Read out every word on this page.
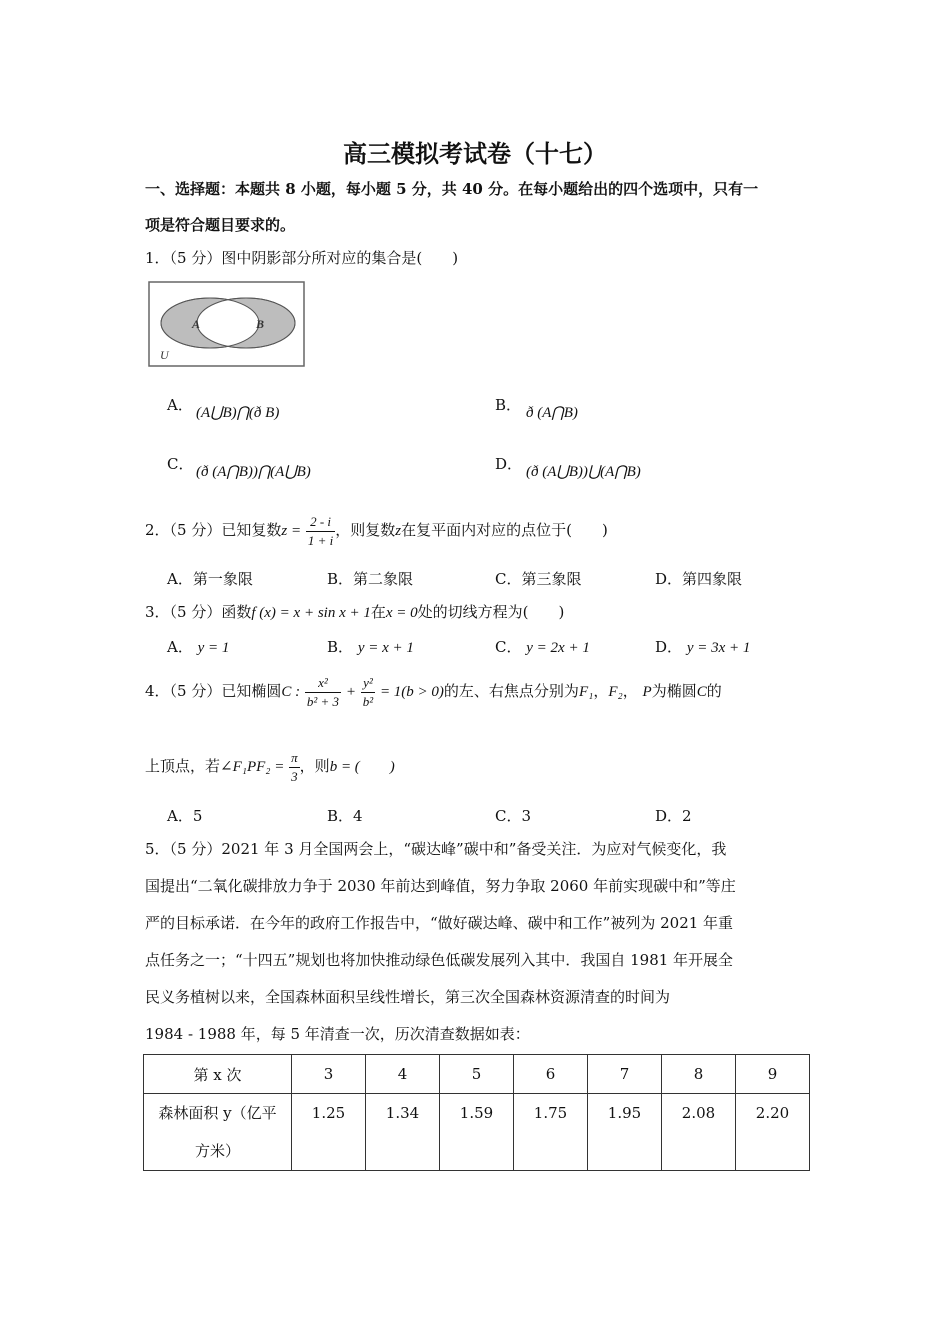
高三模拟考试卷（十七）
一、选择题：本题共 8 小题，每小题 5 分，共 40 分。在每小题给出的四个选项中，只有一
项是符合题目要求的。
1．（5 分）图中阴影部分所对应的集合是(　　)
A	B
U
A． (A⋃B)⋂(ð B)	B． ð (A⋂B)
C． (ð (A⋂B))⋂(A⋃B)	D． (ð (A⋃B))⋃(A⋂B)
2．（5 分）已知复数$z = \frac{2 - i}{1 + i}$ ，则复数z在复平面内对应的点位于(　　)
A．第一象限	B．第二象限	C．第三象限	D．第四象限
3．（5 分）函数f (x) = x + sin x + 1在x = 0处的切线方程为(　　)
A． y = 1	B． y = x + 1	C． y = 2x + 1	D． y = 3x + 1
4．（5 分）已知椭圆C : $\frac{\text{x²}}{\text{b² + 3}} + \frac{\text{y²}}{\text{b²}} = 1(b > 0)$的左、右焦点分别为F₁，F₂， P为椭圆C的
上顶点，若∠F₁PF₂ = $\frac{\pi}{3}$ ，则b = (　　)
A．5	B．4	C．3	D．2
5．（5 分）2021 年 3 月全国两会上，“碳达峰”碳中和”备受关注．为应对气候变化，我
国提出“二氧化碳排放力争于 2030 年前达到峰值，努力争取 2060 年前实现碳中和”等庄
严的目标承诺．在今年的政府工作报告中，“做好碳达峰、碳中和工作”被列为 2021 年重
点任务之一；“十四五”规划也将加快推动绿色低碳发展列入其中．我国自 1981 年开展全
民义务植树以来，全国森林面积呈线性增长，第三次全国森林资源清查的时间为
1984 - 1988 年，每 5 年清查一次，历次清查数据如表：
第 x 次	3	4	5	6	7	8	9

森林面积 y（亿平
方米）	1.25	1.34	1.59	1.75	1.95	2.08	2.20
